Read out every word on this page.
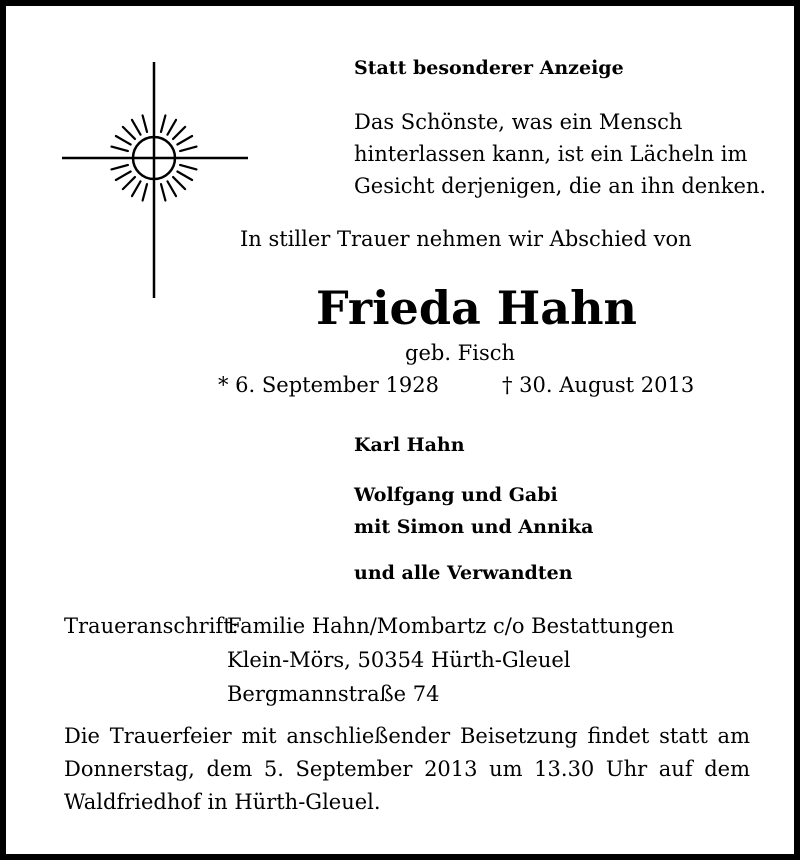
Statt besonderer Anzeige
Das Schönste, was ein Mensch
hinterlassen kann, ist ein Lächeln im
Gesicht derjenigen, die an ihn denken.
In stiller Trauer nehmen wir Abschied von
Frieda Hahn
geb. Fisch
* 6. September 1928	† 30. August 2013
Karl Hahn
Wolfgang und Gabi
mit Simon und Annika
und alle Verwandten
Traueranschrift:
Familie Hahn/Mombartz c/o Bestattungen
Klein-Mörs, 50354 Hürth-Gleuel
Bergmannstraße 74
Die Trauerfeier mit anschließender Beisetzung findet statt am
Donnerstag, dem 5. September 2013 um 13.30 Uhr auf dem
Waldfriedhof in Hürth-Gleuel.
